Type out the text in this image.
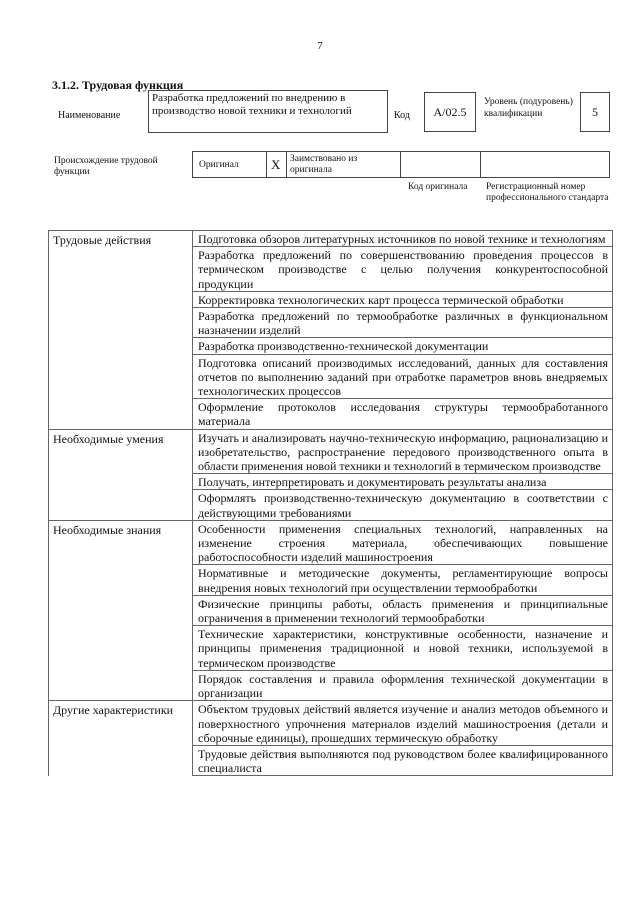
7
3.1.2. Трудовая функция
Наименование
Разработка предложений по внедрению в производство новой техники и технологий	Код	A/02.5
Уровень (подуровень) квалификации	5
Происхождение трудовой функции
Оригинал X Заимствовано из оригинала
Код оригинала Регистрационный номер профессионального стандарта
Трудовые действия	Подготовка обзоров литературных источников по новой технике и технологиям
	Разработка предложений по совершенствованию проведения процессов в термическом производстве с целью получения конкурентоспособной продукции
	Корректировка технологических карт процесса термической обработки
	Разработка предложений по термообработке различных в функциональном назначении изделий
	Разработка производственно-технической документации
	Подготовка описаний производимых исследований, данных для составления отчетов по выполнению заданий при отработке параметров вновь внедряемых технологических процессов
	Оформление протоколов исследования структуры термообработанного материала
Необходимые умения	Изучать и анализировать научно-техническую информацию, рационализацию и изобретательство, распространение передового производственного опыта в области применения новой техники и технологий в термическом производстве
	Получать, интерпретировать и документировать результаты анализа
	Оформлять производственно-техническую документацию в соответствии с действующими требованиями
Необходимые знания	Особенности применения специальных технологий, направленных на изменение строения материала, обеспечивающих повышение работоспособности изделий машиностроения
	Нормативные и методические документы, регламентирующие вопросы внедрения новых технологий при осуществлении термообработки
	Физические принципы работы, область применения и принципиальные ограничения в применении технологий термообработки
	Технические характеристики, конструктивные особенности, назначение и принципы применения традиционной и новой техники, используемой в термическом производстве
	Порядок составления и правила оформления технической документации в организации
Другие характеристики	Объектом трудовых действий является изучение и анализ методов объемного и поверхностного упрочнения материалов изделий машиностроения (детали и сборочные единицы), прошедших термическую обработку
	Трудовые действия выполняются под руководством более квалифицированного специалиста
